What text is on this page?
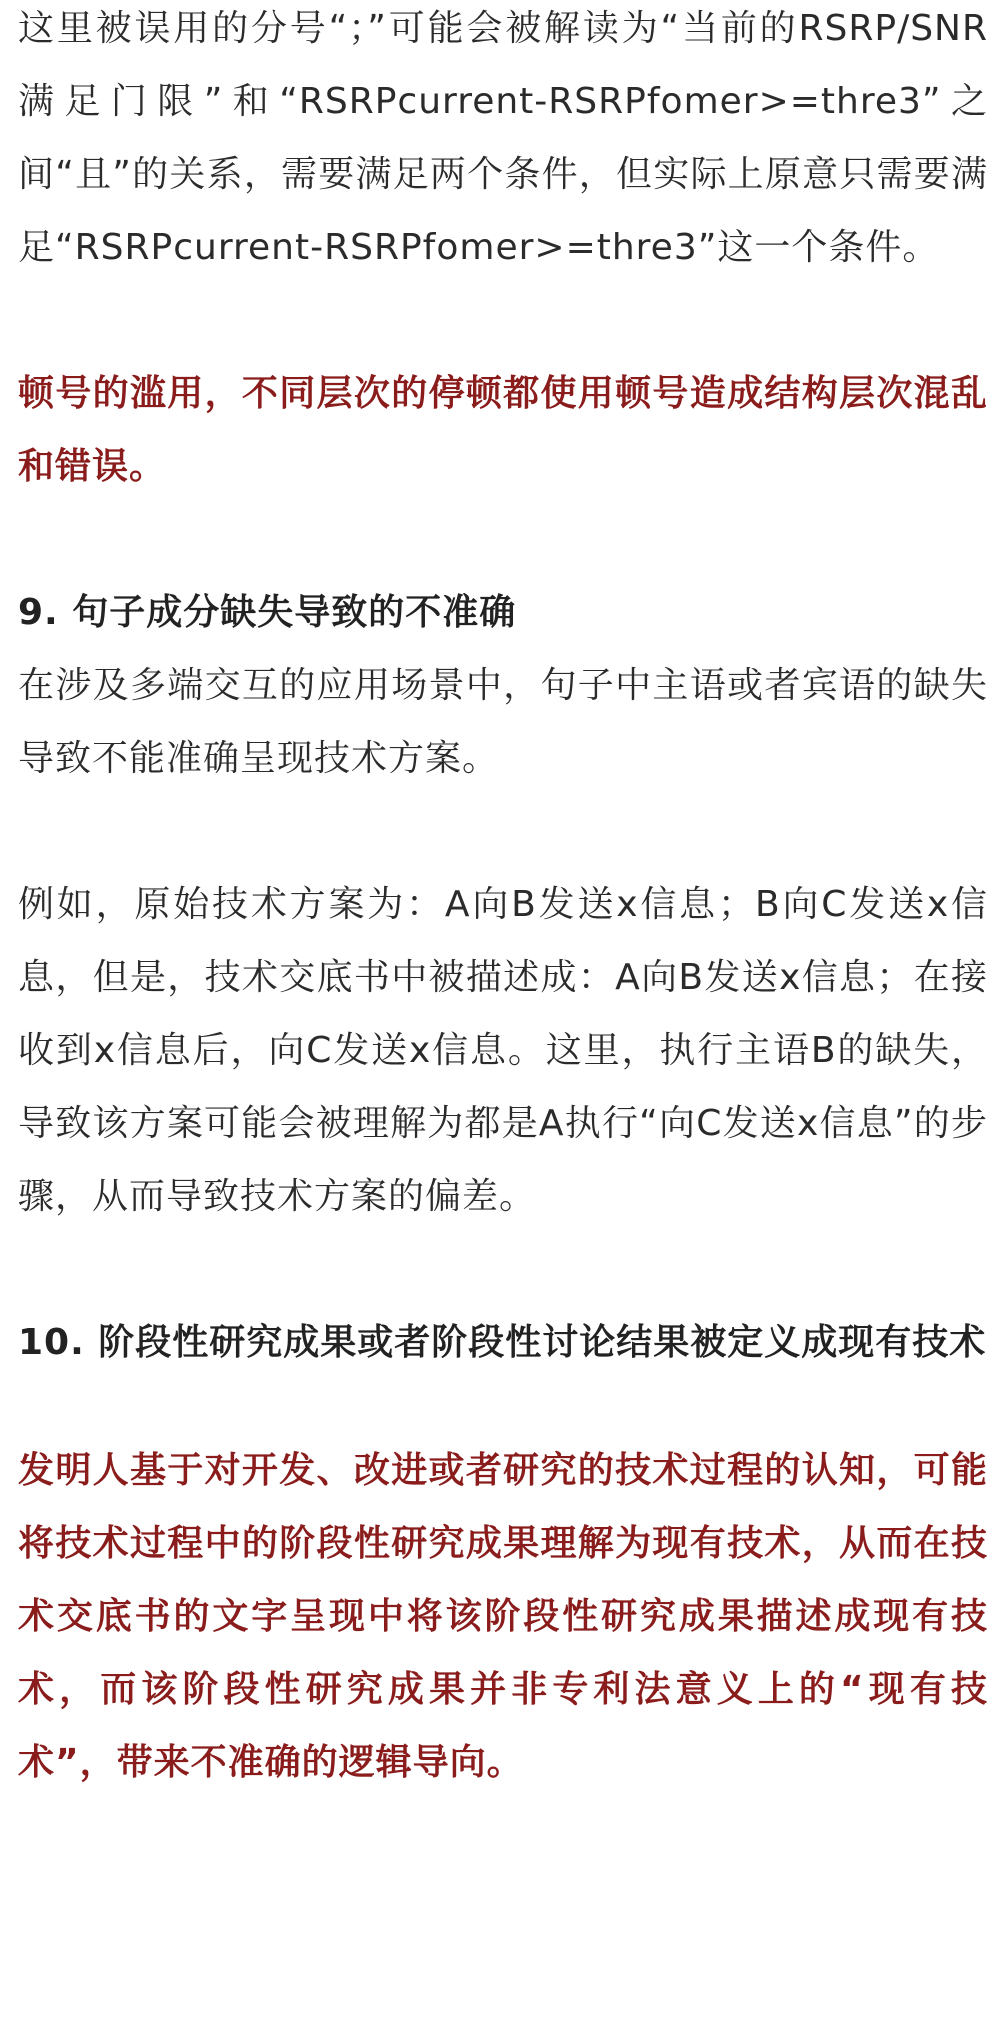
这里被误用的分号“；”可能会被解读为“当前的RSRP/SNR满足门限”和“RSRPcurrent-RSRPfomer>=thre3”之间“且”的关系，需要满足两个条件，但实际上原意只需要满足“RSRPcurrent-RSRPfomer>=thre3”这一个条件。

顿号的滥用，不同层次的停顿都使用顿号造成结构层次混乱和错误。

9. 句子成分缺失导致的不准确

在涉及多端交互的应用场景中，句子中主语或者宾语的缺失导致不能准确呈现技术方案。

例如，原始技术方案为：A向B发送x信息；B向C发送x信息，但是，技术交底书中被描述成：A向B发送x信息；在接收到x信息后，向C发送x信息。这里，执行主语B的缺失，导致该方案可能会被理解为都是A执行“向C发送x信息”的步骤，从而导致技术方案的偏差。

10. 阶段性研究成果或者阶段性讨论结果被定义成现有技术

发明人基于对开发、改进或者研究的技术过程的认知，可能将技术过程中的阶段性研究成果理解为现有技术，从而在技术交底书的文字呈现中将该阶段性研究成果描述成现有技术，而该阶段性研究成果并非专利法意义上的“现有技术”，带来不准确的逻辑导向。
